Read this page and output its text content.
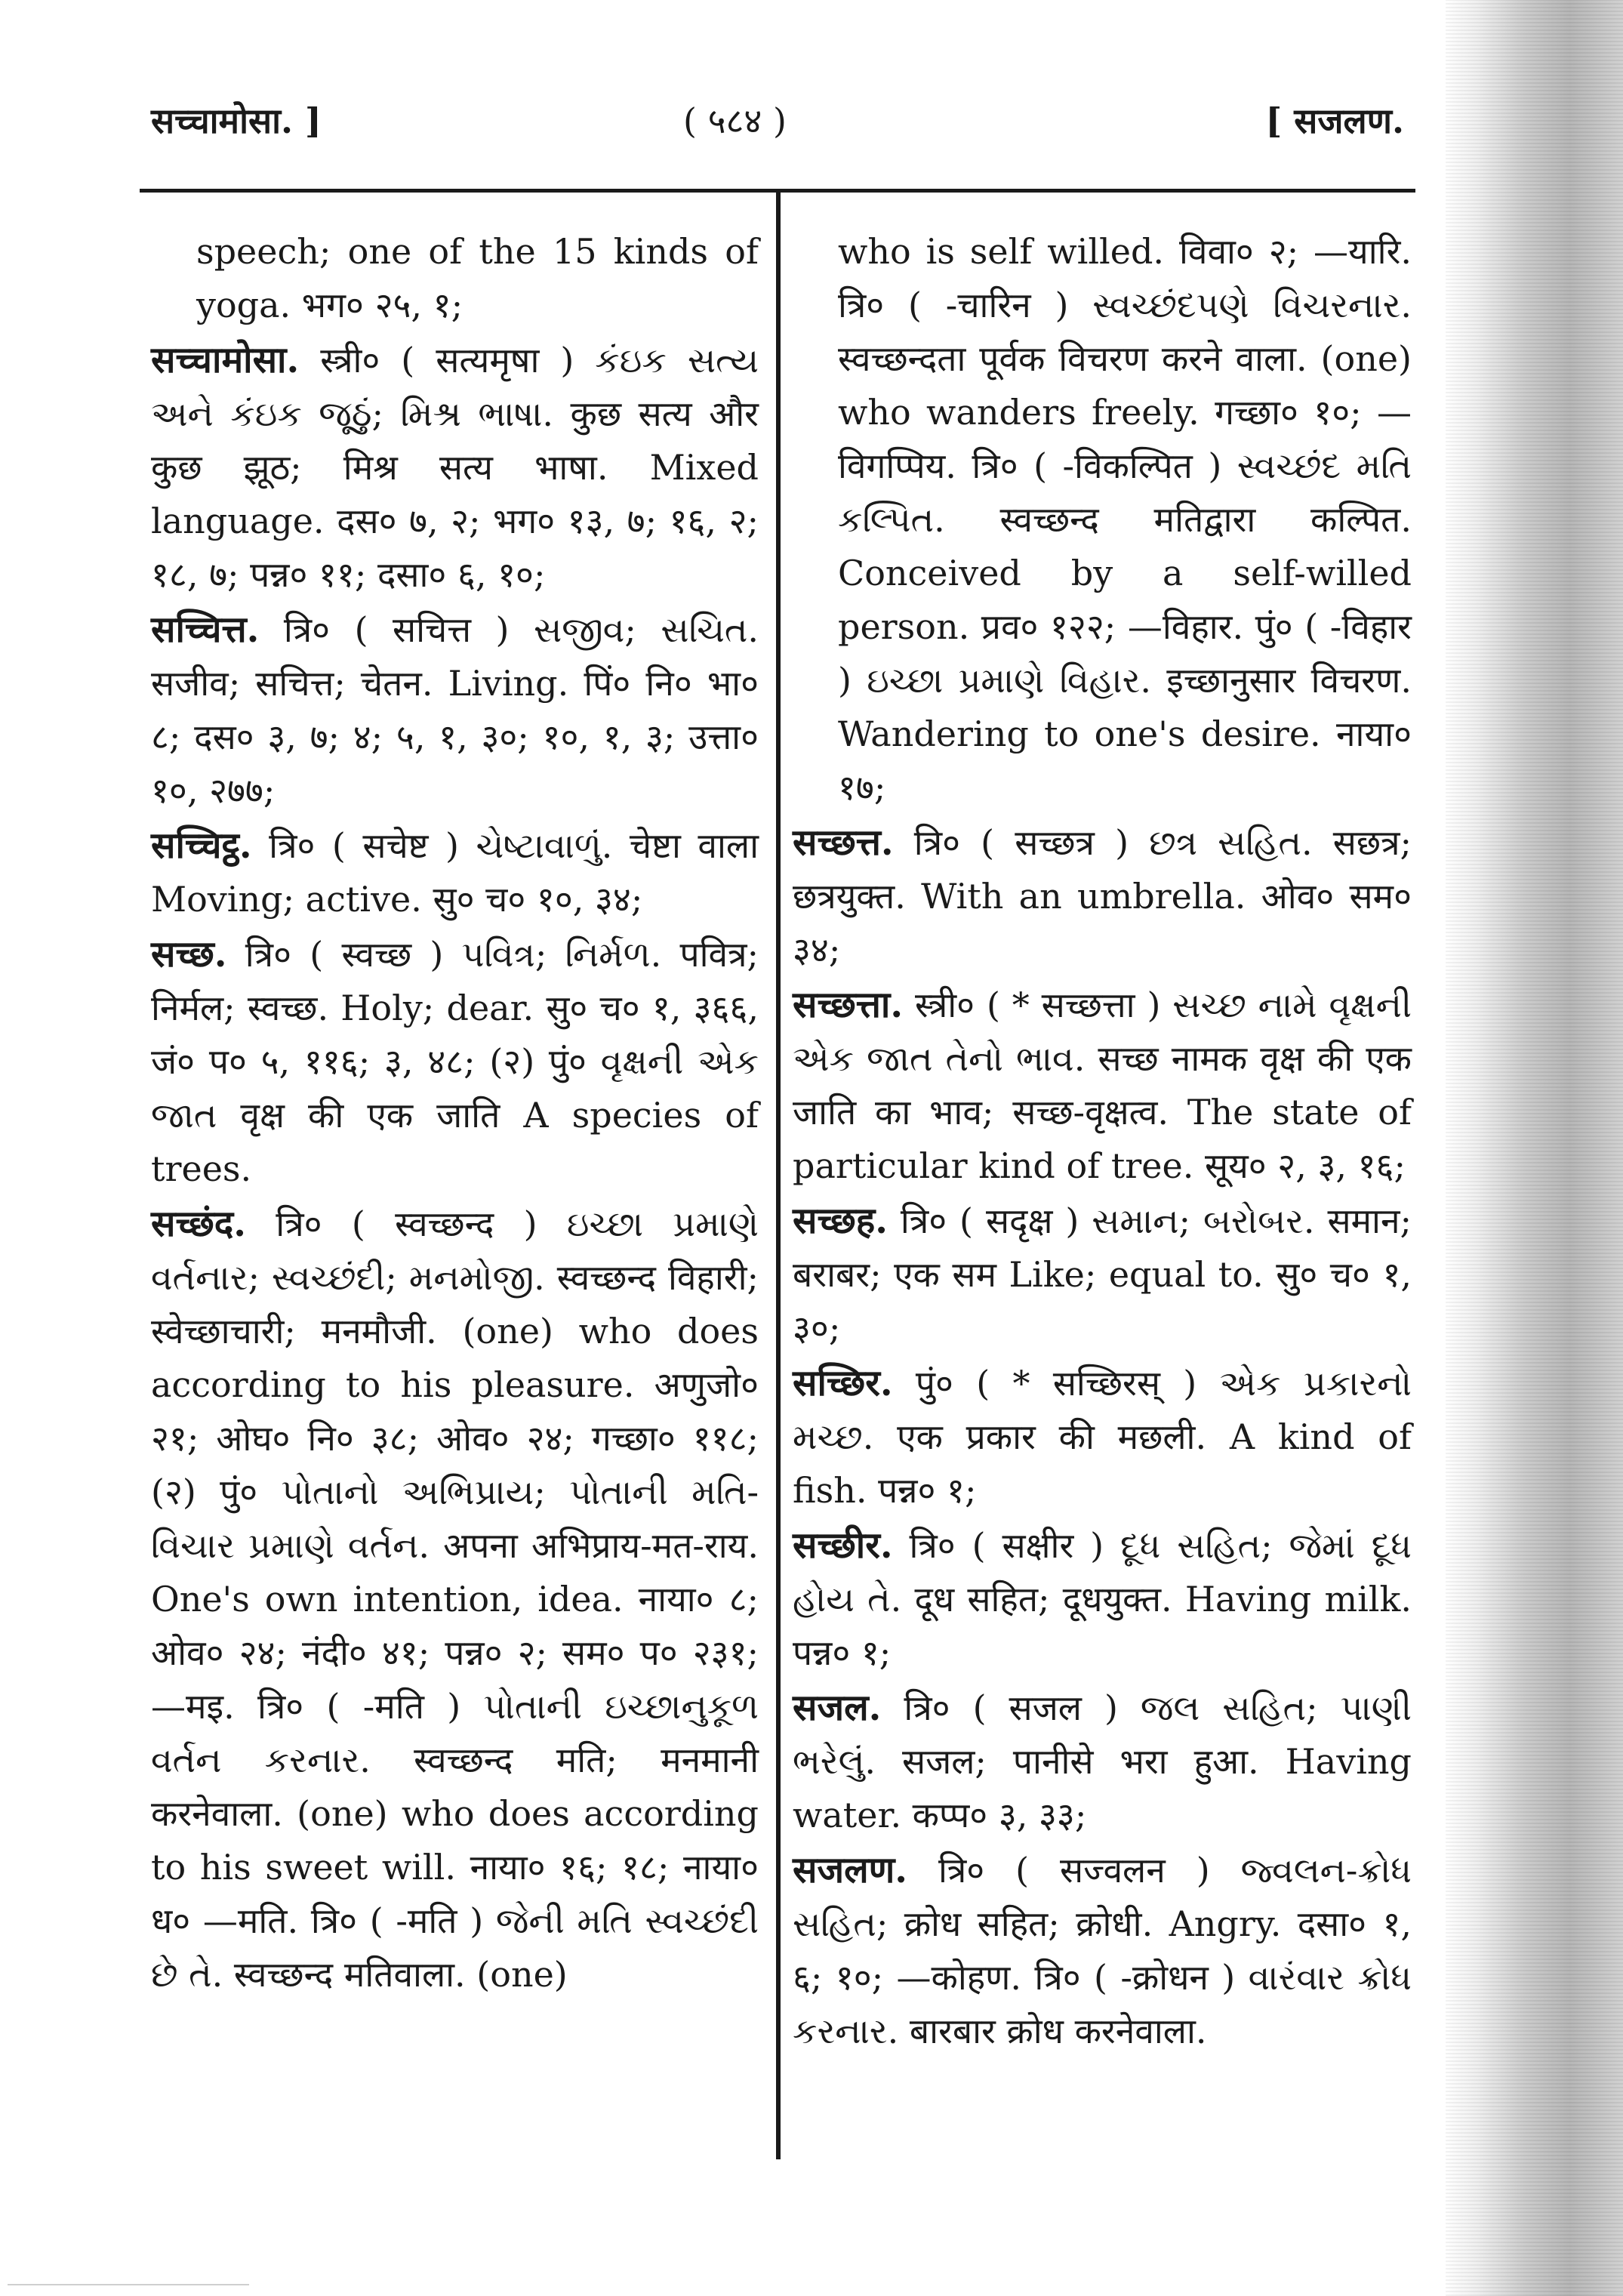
सच्चामोसा. ]	( ५८४ )	[ सजलण.
speech; one of the 15 kinds of yoga. भग० २५, १;
सच्चामोसा. स्त्री० ( सत्यमृषा ) કંઇક સત્ય અને કંઇક જૂઠું; મિશ્ર ભાષા. कुछ सत्य और कुछ झूठ; मिश्र सत्य भाषा. Mixed language. दस० ७, २; भग० १३, ७; १६, २; १८, ७; पन्न० ११; दसा० ६, १०;
सच्चित्त. त्रि० ( सचित्त ) સજીવ; સચિત. सजीव; सचित्त; चेतन. Living. पिं० नि० भा० ८; दस० ३, ७; ४; ५, १, ३०; १०, १, ३; उत्ता० १०, २७७;
सच्चिट्ठ. त्रि० ( सचेष्ट ) ચેષ્ટાવાળું. चेष्टा वाला Moving; active. सु० च० १०, ३४;
सच्छ. त्रि० ( स्वच्छ ) પવિત્ર; નિર્મળ. पवित्र; निर्मल; स्वच्छ. Holy; dear. सु० च० १, ३६६, जं० प० ५, ११६; ३, ४८; (२) पुं० વૃક્ષની એક જાત वृक्ष की एक जाति A species of trees.
सच्छंद. त्रि० ( स्वच्छन्द ) ઇચ્છા પ્રમાણે વર્તનાર; સ્વચ્છંદી; મનમોજી. स्वच्छन्द विहारी; स्वेच्छाचारी; मनमौजी. (one) who does according to his pleasure. अणुजो० २१; ओघ० नि० ३८; ओव० २४; गच्छा० ११८; (२) पुं० પોતાનો અભિપ્રાય; પોતાની મતિ-વિચાર પ્રમાણે વર્તન. अपना अभिप्राय-मत-राय. One's own intention, idea. नाया० ८; ओव० २४; नंदी० ४१; पन्न० २; सम० प० २३१; —मइ. त्रि० ( -मति ) પોતાની ઇચ્છાનુકૂળ વર્તન કરનાર. स्वच्छन्द मति; मनमानी करनेवाला. (one) who does according to his sweet will. नाया० १६; १८; नाया० ध० —मति. त्रि० ( -मति ) જેની મતિ સ્વચ્છંદી છે તે. स्वच्छन्द मतिवाला. (one)
who is self willed. विवा० २; —यारि. त्रि० ( -चारिन ) સ્વચ્છંદપણે વિચરનાર. स्वच्छन्दता पूर्वक विचरण करने वाला. (one) who wanders freely. गच्छा० १०; —विगप्पिय. त्रि० ( -विकल्पित ) સ્વચ્છંદ મતિ કલ્પિત. स्वच्छन्द मतिद्वारा कल्पित. Conceived by a self-willed person. प्रव० १२२; —विहार. पुं० ( -विहार ) ઇચ્છા પ્રમાણે વિહાર. इच्छानुसार विचरण. Wandering to one's desire. नाया० १७;
सच्छत्त. त्रि० ( सच्छत्र ) છત્ર સહિત. सछत्र; छत्रयुक्त. With an umbrella. ओव० सम० ३४;
सच्छत्ता. स्त्री० ( * सच्छत्ता ) સચ્છ નામે વૃક્ષની એક જાત તેનો ભાવ. सच्छ नामक वृक्ष की एक जाति का भाव; सच्छ-वृक्षत्व. The state of particular kind of tree. सूय० २, ३, १६;
सच्छह. त्रि० ( सदृक्ष ) સમાન; બરોબર. समान; बराबर; एक सम Like; equal to. सु० च० १, ३०;
सच्छिर. पुं० ( * सच्छिरस् ) એક પ્રકારનો મચ્છ. एक प्रकार की मछली. A kind of fish. पन्न० १;
सच्छीर. त्रि० ( सक्षीर ) દૂધ સહિત; જેમાં દૂધ હોય તે. दूध सहित; दूधयुक्त. Having milk. पन्न० १;
सजल. त्रि० ( सजल ) જલ સહિત; પાણી ભરેલું. सजल; पानीसे भरा हुआ. Having water. कप्प० ३, ३३;
सजलण. त्रि० ( सज्वलन ) જ્વલન-ક્રોધ સહિત; क्रोध सहित; क्रोधी. Angry. दसा० १, ६; १०; —कोहण. त्रि० ( -क्रोधन ) વારંવાર ક્રોધ કરનાર. बारबार क्रोध करनेवाला.
